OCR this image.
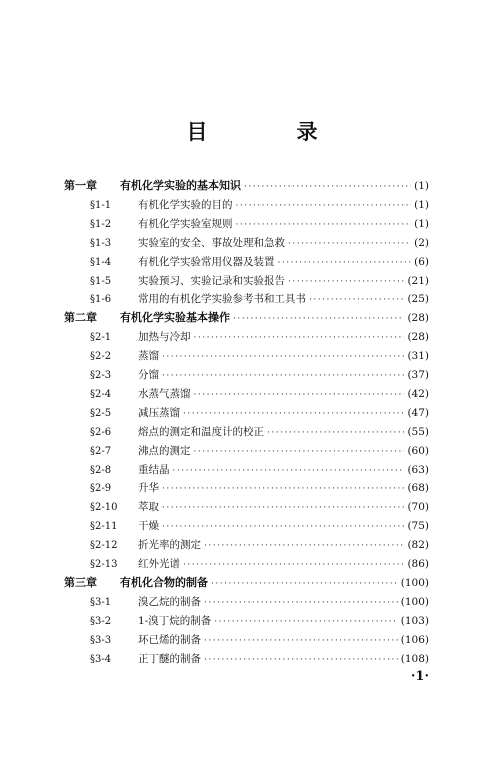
目　录
第一章	有机化学实验的基本知识 ·····	(1)
§1-1	有机化学实验的目的 ·····	(1)
§1-2	有机化学实验室规则 ·····	(1)
§1-3	实验室的安全、事故处理和急救 ·····	(2)
§1-4	有机化学实验常用仪器及装置 ·····	(6)
§1-5	实验预习、实验记录和实验报告 ·····	(21)
§1-6	常用的有机化学实验参考书和工具书 ·····	(25)
第二章	有机化学实验基本操作 ·····	(28)
§2-1	加热与冷却 ·····	(28)
§2-2	蒸馏 ·····	(31)
§2-3	分馏 ·····	(37)
§2-4	水蒸气蒸馏 ·····	(42)
§2-5	减压蒸馏 ·····	(47)
§2-6	熔点的测定和温度计的校正 ·····	(55)
§2-7	沸点的测定 ·····	(60)
§2-8	重结晶 ·····	(63)
§2-9	升华 ·····	(68)
§2-10	萃取 ·····	(70)
§2-11	干燥 ·····	(75)
§2-12	折光率的测定 ·····	(82)
§2-13	红外光谱 ·····	(86)
第三章	有机化合物的制备 ·····	(100)
§3-1	溴乙烷的制备 ·····	(100)
§3-2	1-溴丁烷的制备 ·····	(103)
§3-3	环已烯的制备 ·····	(106)
§3-4	正丁醚的制备 ·····	(108)
·1·
